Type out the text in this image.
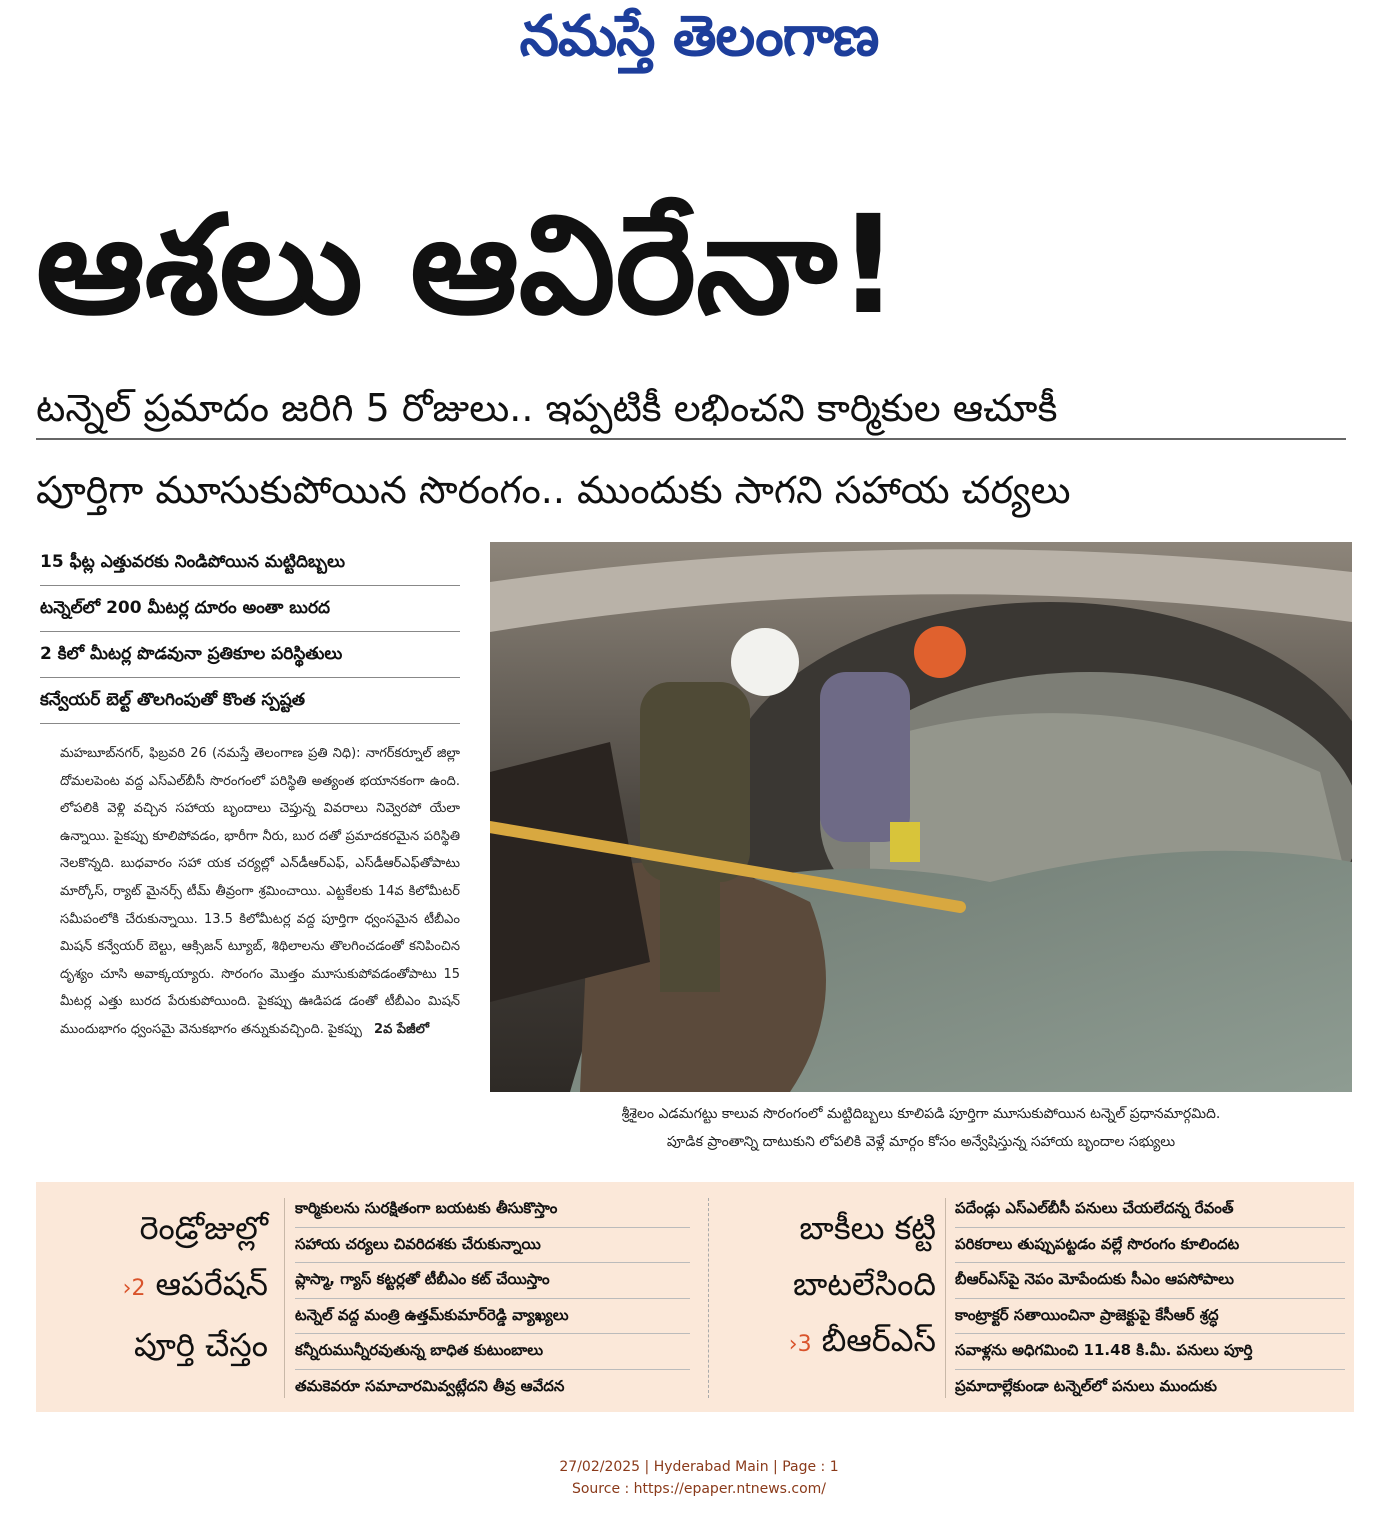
నమస్తే తెలంగాణ
ఆశలు ఆవిరేనా!
టన్నెల్ ప్రమాదం జరిగి 5 రోజులు.. ఇప్పటికీ లభించని కార్మికుల ఆచూకీ
పూర్తిగా మూసుకుపోయిన సొరంగం.. ముందుకు సాగని సహాయ చర్యలు
15 ఫీట్ల ఎత్తువరకు నిండిపోయిన మట్టిదిబ్బలు
టన్నెల్‌లో 200 మీటర్ల దూరం అంతా బురద
2 కిలో మీటర్ల పొడవునా ప్రతికూల పరిస్థితులు
కన్వేయర్ బెల్ట్ తొలగింపుతో కొంత స్పష్టత
మహబూబ్‌నగర్, ఫిబ్రవరి 26 (నమస్తే తెలంగాణ ప్రతి నిధి): నాగర్‌కర్నూల్ జిల్లా దోమలపెంట వద్ద ఎస్‌ఎల్‌బీసీ సొరంగంలో పరిస్థితి అత్యంత భయానకంగా ఉంది. లోపలికి వెళ్లి వచ్చిన సహాయ బృందాలు చెప్తున్న వివరాలు నివ్వెరపో యేలా ఉన్నాయి. పైకప్పు కూలిపోవడం, భారీగా నీరు, బుర దతో ప్రమాదకరమైన పరిస్థితి నెలకొన్నది. బుధవారం సహా యక చర్యల్లో ఎన్‌డీఆర్‌ఎఫ్, ఎస్‌డీఆర్‌ఎఫ్‌తోపాటు మార్కోస్, ర్యాట్ మైనర్స్ టీమ్ తీవ్రంగా శ్రమించాయి. ఎట్టకేలకు 14వ కిలోమీటర్ సమీపంలోకి చేరుకున్నాయి. 13.5 కిలోమీటర్ల వద్ద పూర్తిగా ధ్వంసమైన టీబీఎం మిషన్ కన్వేయర్ బెల్టు, ఆక్సిజన్ ట్యూబ్, శిథిలాలను తొలగించడంతో కనిపించిన దృశ్యం చూసి అవాక్కయ్యారు. సొరంగం మొత్తం మూసుకుపోవడంతోపాటు 15 మీటర్ల ఎత్తు బురద పేరుకుపోయింది. పైకప్పు ఊడిపడ డంతో టీబీఎం మిషన్ ముందుభాగం ధ్వంసమై వెనుకభాగం తన్నుకువచ్చింది. పైకప్పు 2వ పేజీలో
శ్రీశైలం ఎడమగట్టు కాలువ సొరంగంలో మట్టిదిబ్బలు కూలిపడి పూర్తిగా మూసుకుపోయిన టన్నెల్ ప్రధానమార్గమిది.
పూడిక ప్రాంతాన్ని దాటుకుని లోపలికి వెళ్లే మార్గం కోసం అన్వేషిస్తున్న సహాయ బృందాల సభ్యులు
రెండ్రోజుల్లో
›2 ఆపరేషన్
పూర్తి చేస్తం
కార్మికులను సురక్షితంగా బయటకు తీసుకొస్తాం
సహాయ చర్యలు చివరిదశకు చేరుకున్నాయి
ప్లాస్మా, గ్యాస్ కట్టర్లతో టీబీఎం కట్ చేయిస్తాం
టన్నెల్ వద్ద మంత్రి ఉత్తమ్‌కుమార్‌రెడ్డి వ్యాఖ్యలు
కన్నీరుమున్నీరవుతున్న బాధిత కుటుంబాలు
తమకెవరూ సమాచారమివ్వట్లేదని తీవ్ర ఆవేదన
బాకీలు కట్టి
బాటలేసింది
›3 బీఆర్‌ఎస్
పదేండ్లు ఎస్‌ఎల్‌బీసీ పనులు చేయలేదన్న రేవంత్
పరికరాలు తుప్పుపట్టడం వల్లే సొరంగం కూలిందట
బీఆర్‌ఎస్‌పై నెపం మోపేందుకు సీఎం ఆపసోపాలు
కాంట్రాక్టర్ సతాయించినా ప్రాజెక్టుపై కేసీఆర్ శ్రద్ధ
సవాళ్లను అధిగమించి 11.48 కి.మీ. పనులు పూర్తి
ప్రమాదాల్లేకుండా టన్నెల్‌లో పనులు ముందుకు
27/02/2025 | Hyderabad Main | Page : 1
Source : https://epaper.ntnews.com/
